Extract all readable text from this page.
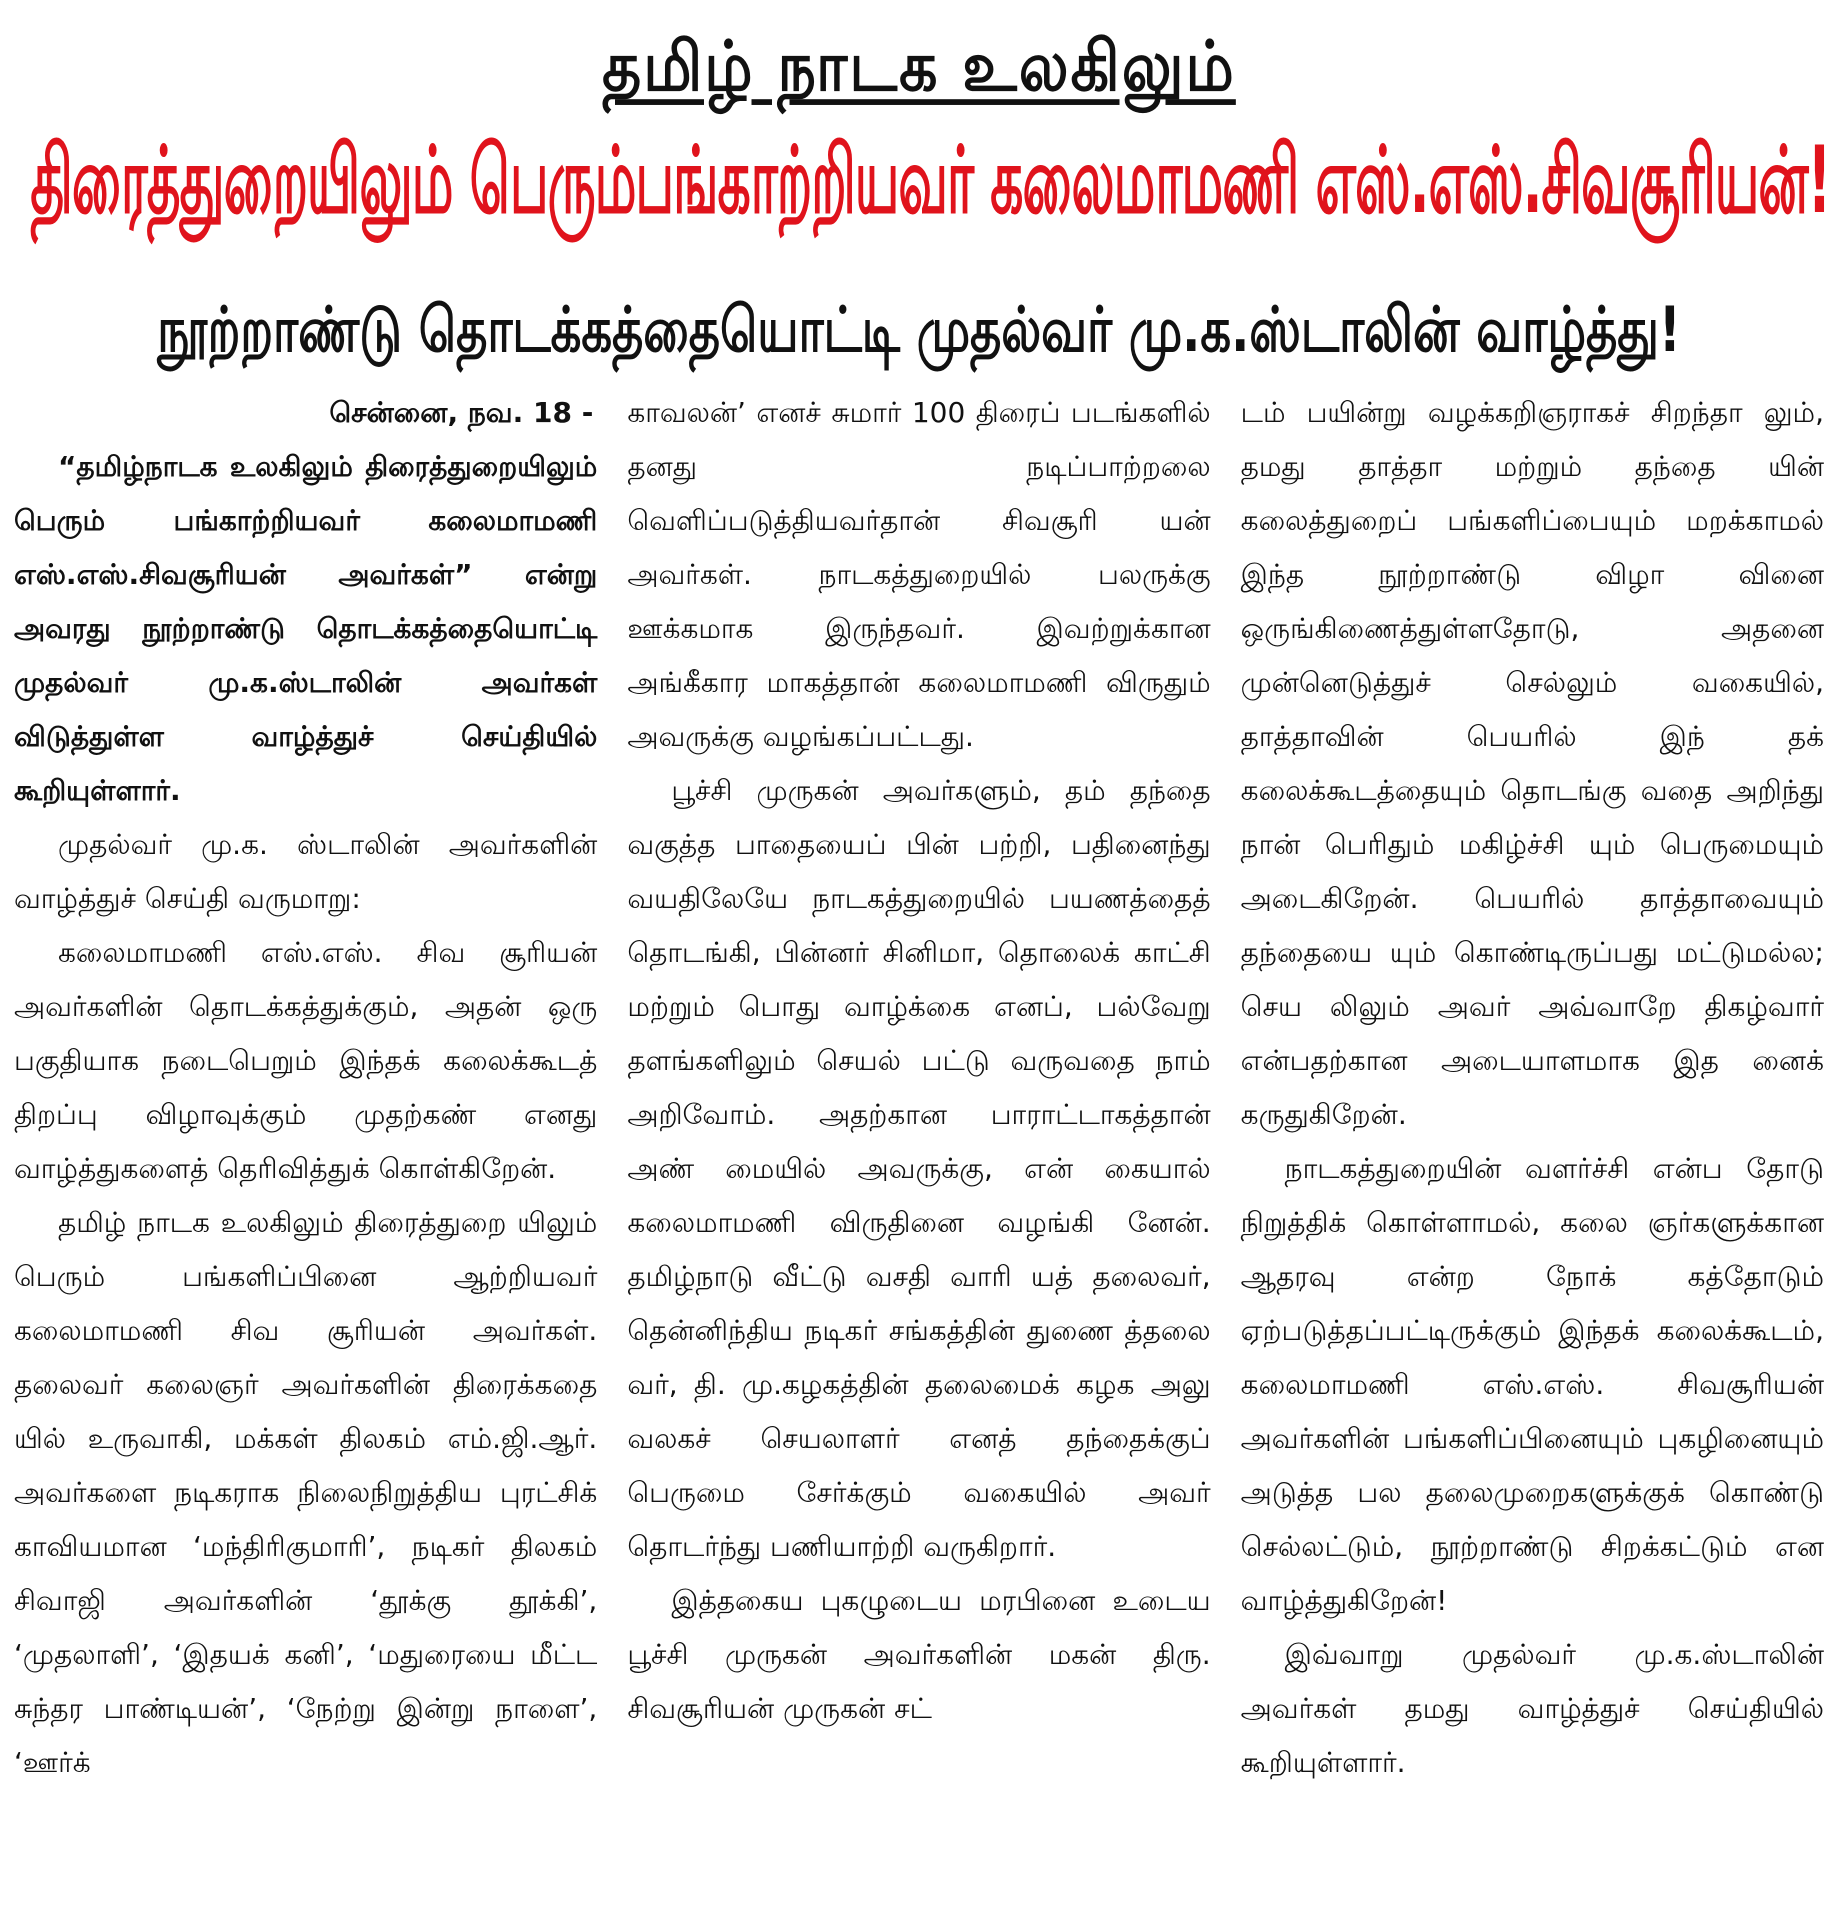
தமிழ் நாடக உலகிலும்
திரைத்துறையிலும் பெரும்பங்காற்றியவர் கலைமாமணி எஸ்.எஸ்.சிவசூரியன்!
நூற்றாண்டு தொடக்கத்தையொட்டி முதல்வர் மு.க.ஸ்டாலின் வாழ்த்து!

சென்னை, நவ. 18 -

“தமிழ்நாடக உலகிலும் திரைத்துறையிலும் பெரும் பங்காற்றியவர் கலைமாமணி எஸ்.எஸ்.சிவசூரியன் அவர்கள்” என்று அவரது நூற்றாண்டு தொடக்கத்தையொட்டி முதல்வர் மு.க.ஸ்டாலின் அவர்கள் விடுத்துள்ள வாழ்த்துச் செய்தியில் கூறியுள்ளார்.

முதல்வர் மு.க. ஸ்டாலின் அவர்களின் வாழ்த்துச் செய்தி வருமாறு:

கலைமாமணி எஸ்.எஸ். சிவ சூரியன் அவர்களின் தொடக்கத்துக்கும், அதன் ஒரு பகுதியாக நடைபெறும் இந்தக் கலைக்கூடத் திறப்பு விழாவுக்கும் முதற்கண் எனது வாழ்த்துகளைத் தெரிவித்துக் கொள்கிறேன்.

தமிழ் நாடக உலகிலும் திரைத்துறை யிலும் பெரும் பங்களிப்பினை ஆற்றியவர் கலைமாமணி சிவ சூரியன் அவர்கள். தலைவர் கலைஞர் அவர்களின் திரைக்கதை யில் உருவாகி, மக்கள் திலகம் எம்.ஜி.ஆர். அவர்களை நடிகராக நிலைநிறுத்திய புரட்சிக் காவியமான ‘மந்திரிகுமாரி’, நடிகர் திலகம் சிவாஜி அவர்களின் ‘தூக்கு தூக்கி’, ‘முதலாளி’, ‘இதயக் கனி’, ‘மதுரையை மீட்ட சுந்தர பாண்டியன்’, ‘நேற்று இன்று நாளை’, ‘ஊர்க்

காவலன்’ எனச் சுமார் 100 திரைப் படங்களில் தனது நடிப்பாற்றலை வெளிப்படுத்தியவர்தான் சிவசூரி யன் அவர்கள். நாடகத்துறையில் பலருக்கு ஊக்கமாக இருந்தவர். இவற்றுக்கான அங்கீகார மாகத்தான் கலைமாமணி விருதும் அவருக்கு வழங்கப்பட்டது.

பூச்சி முருகன் அவர்களும், தம் தந்தை வகுத்த பாதையைப் பின் பற்றி, பதினைந்து வயதிலேயே நாடகத்துறையில் பயணத்தைத் தொடங்கி, பின்னர் சினிமா, தொலைக் காட்சி மற்றும் பொது வாழ்க்கை எனப், பல்வேறு தளங்களிலும் செயல் பட்டு வருவதை நாம் அறிவோம். அதற்கான பாராட்டாகத்தான் அண் மையில் அவருக்கு, என் கையால் கலைமாமணி விருதினை வழங்கி னேன். தமிழ்நாடு வீட்டு வசதி வாரி யத் தலைவர், தென்னிந்திய நடிகர் சங்கத்தின் துணை த்தலை வர், தி. மு.கழகத்தின் தலைமைக் கழக அலு வலகச் செயலாளர் எனத் தந்தைக்குப் பெருமை சேர்க்கும் வகையில் அவர் தொடர்ந்து பணியாற்றி வருகிறார்.

இத்தகைய புகழுடைய மரபினை உடைய பூச்சி முருகன் அவர்களின் மகன் திரு. சிவசூரியன் முருகன் சட்

டம் பயின்று வழக்கறிஞராகச் சிறந்தா லும், தமது தாத்தா மற்றும் தந்தை யின் கலைத்துறைப் பங்களிப்பையும் மறக்காமல் இந்த நூற்றாண்டு விழா வினை ஒருங்கிணைத்துள்ளதோடு, அதனை முன்னெடுத்துச் செல்லும் வகையில், தாத்தாவின் பெயரில் இந் தக் கலைக்கூடத்தையும் தொடங்கு வதை அறிந்து நான் பெரிதும் மகிழ்ச்சி யும் பெருமையும் அடைகிறேன். பெயரில் தாத்தாவையும் தந்தையை யும் கொண்டிருப்பது மட்டுமல்ல; செய லிலும் அவர் அவ்வாறே திகழ்வார் என்பதற்கான அடையாளமாக இத னைக் கருதுகிறேன்.

நாடகத்துறையின் வளர்ச்சி என்ப தோடு நிறுத்திக் கொள்ளாமல், கலை ஞர்களுக்கான ஆதரவு என்ற நோக் கத்தோடும் ஏற்படுத்தப்பட்டிருக்கும் இந்தக் கலைக்கூடம், கலைமாமணி எஸ்.எஸ். சிவசூரியன் அவர்களின் பங்களிப்பினையும் புகழினையும் அடுத்த பல தலைமுறைகளுக்குக் கொண்டு செல்லட்டும், நூற்றாண்டு சிறக்கட்டும் என வாழ்த்துகிறேன்!

இவ்வாறு முதல்வர் மு.க.ஸ்டாலின் அவர்கள் தமது வாழ்த்துச் செய்தியில் கூறியுள்ளார்.
